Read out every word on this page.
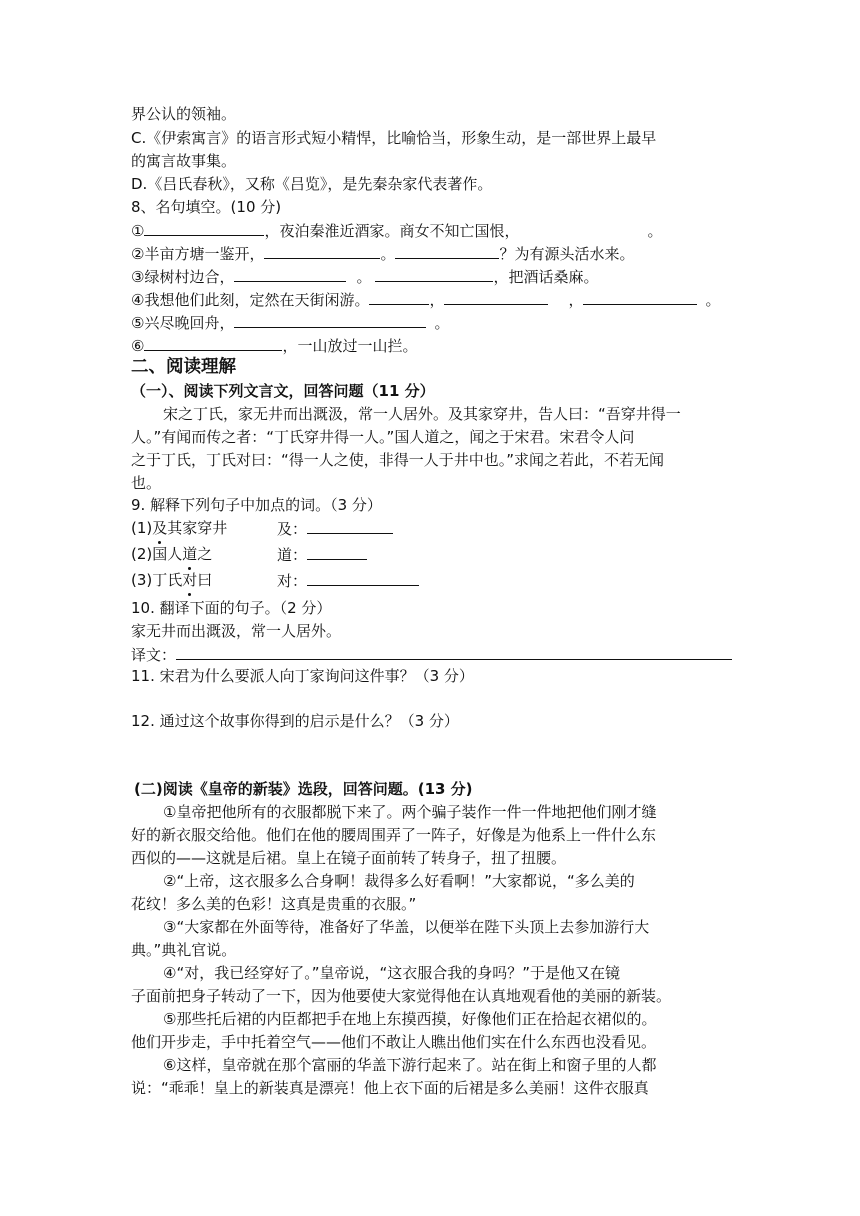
界公认的领袖。
C.《伊索寓言》的语言形式短小精悍，比喻恰当，形象生动，是一部世界上最早
的寓言故事集。
D.《吕氏春秋》，又称《吕览》，是先秦杂家代表著作。
8、名句填空。(10 分)
①	，夜泊秦淮近酒家。商女不知亡国恨，	。
②半亩方塘一鉴开，	。	？为有源头活水来。
③绿树村边合，	。	，把酒话桑麻。
④我想他们此刻，定然在天街闲游。	，	，	。
⑤兴尽晚回舟，	。
⑥	，一山放过一山拦。
二、阅读理解
（一）、阅读下列文言文，回答问题（11 分）
宋之丁氏，家无井而出溉汲，常一人居外。及其家穿井，告人曰：“吾穿井得一
人。”有闻而传之者：“丁氏穿井得一人。”国人道之，闻之于宋君。宋君令人问
之于丁氏，丁氏对曰：“得一人之使，非得一人于井中也。”求闻之若此，不若无闻
也。
9. 解释下列句子中加点的词。（3 分）
(1)及其家穿井	及：
(2)国人道之	道：
(3)丁氏对曰	对：
10. 翻译下面的句子。（2 分）
家无井而出溉汲，常一人居外。
译文：
11. 宋君为什么要派人向丁家询问这件事？（3 分）
12. 通过这个故事你得到的启示是什么？（3 分）
(二)阅读《皇帝的新装》选段，回答问题。(13 分)
①皇帝把他所有的衣服都脱下来了。两个骗子装作一件一件地把他们刚才缝
好的新衣服交给他。他们在他的腰周围弄了一阵子，好像是为他系上一件什么东
西似的——这就是后裙。皇上在镜子面前转了转身子，扭了扭腰。
②“上帝，这衣服多么合身啊！裁得多么好看啊！”大家都说，“多么美的
花纹！多么美的色彩！这真是贵重的衣服。”
③“大家都在外面等待，准备好了华盖，以便举在陛下头顶上去参加游行大
典。”典礼官说。
④“对，我已经穿好了。”皇帝说，“这衣服合我的身吗？”于是他又在镜
子面前把身子转动了一下，因为他要使大家觉得他在认真地观看他的美丽的新装。
⑤那些托后裙的内臣都把手在地上东摸西摸，好像他们正在拾起衣裙似的。
他们开步走，手中托着空气——他们不敢让人瞧出他们实在什么东西也没看见。
⑥这样，皇帝就在那个富丽的华盖下游行起来了。站在街上和窗子里的人都
说：“乖乖！皇上的新装真是漂亮！他上衣下面的后裙是多么美丽！这件衣服真
